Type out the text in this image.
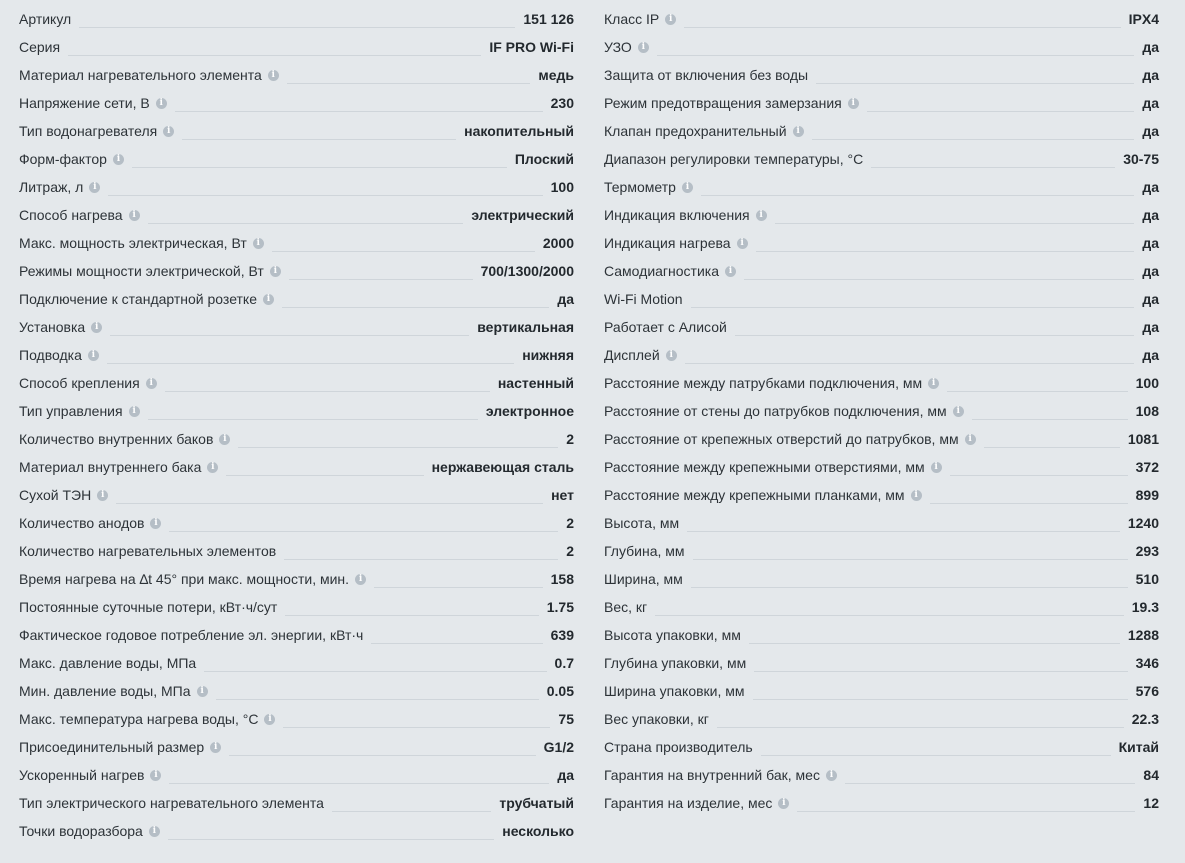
Артикул	151 126
Серия	IF PRO Wi-Fi
Материал нагревательного элемента	i	медь
Напряжение сети, В	i	230
Тип водонагревателя	i	накопительный
Форм-фактор	i	Плоский
Литраж, л	i	100
Способ нагрева	i	электрический
Макс. мощность электрическая, Вт	i	2000
Режимы мощности электрической, Вт	i	700/1300/2000
Подключение к стандартной розетке	i	да
Установка	i	вертикальная
Подводка	i	нижняя
Способ крепления	i	настенный
Тип управления	i	электронное
Количество внутренних баков	i	2
Материал внутреннего бака	i	нержавеющая сталь
Сухой ТЭН	i	нет
Количество анодов	i	2
Количество нагревательных элементов	2
Время нагрева на ∆t 45° при макс. мощности, мин.	i	158
Постоянные суточные потери, кВт·ч/сут	1.75
Фактическое годовое потребление эл. энергии, кВт·ч	639
Макс. давление воды, МПа	0.7
Мин. давление воды, МПа	i	0.05
Макс. температура нагрева воды, °С	i	75
Присоединительный размер	i	G1/2
Ускоренный нагрев	i	да
Тип электрического нагревательного элемента	трубчатый
Точки водоразбора	i	несколько
Класс IP	i	IPX4
УЗО	i	да
Защита от включения без воды	да
Режим предотвращения замерзания	i	да
Клапан предохранительный	i	да
Диапазон регулировки температуры, °С	30-75
Термометр	i	да
Индикация включения	i	да
Индикация нагрева	i	да
Самодиагностика	i	да
Wi-Fi Motion	да
Работает с Алисой	да
Дисплей	i	да
Расстояние между патрубками подключения, мм	i	100
Расстояние от стены до патрубков подключения, мм	i	108
Расстояние от крепежных отверстий до патрубков, мм	i	1081
Расстояние между крепежными отверстиями, мм	i	372
Расстояние между крепежными планками, мм	i	899
Высота, мм	1240
Глубина, мм	293
Ширина, мм	510
Вес, кг	19.3
Высота упаковки, мм	1288
Глубина упаковки, мм	346
Ширина упаковки, мм	576
Вес упаковки, кг	22.3
Страна производитель	Китай
Гарантия на внутренний бак, мес	i	84
Гарантия на изделие, мес	i	12
